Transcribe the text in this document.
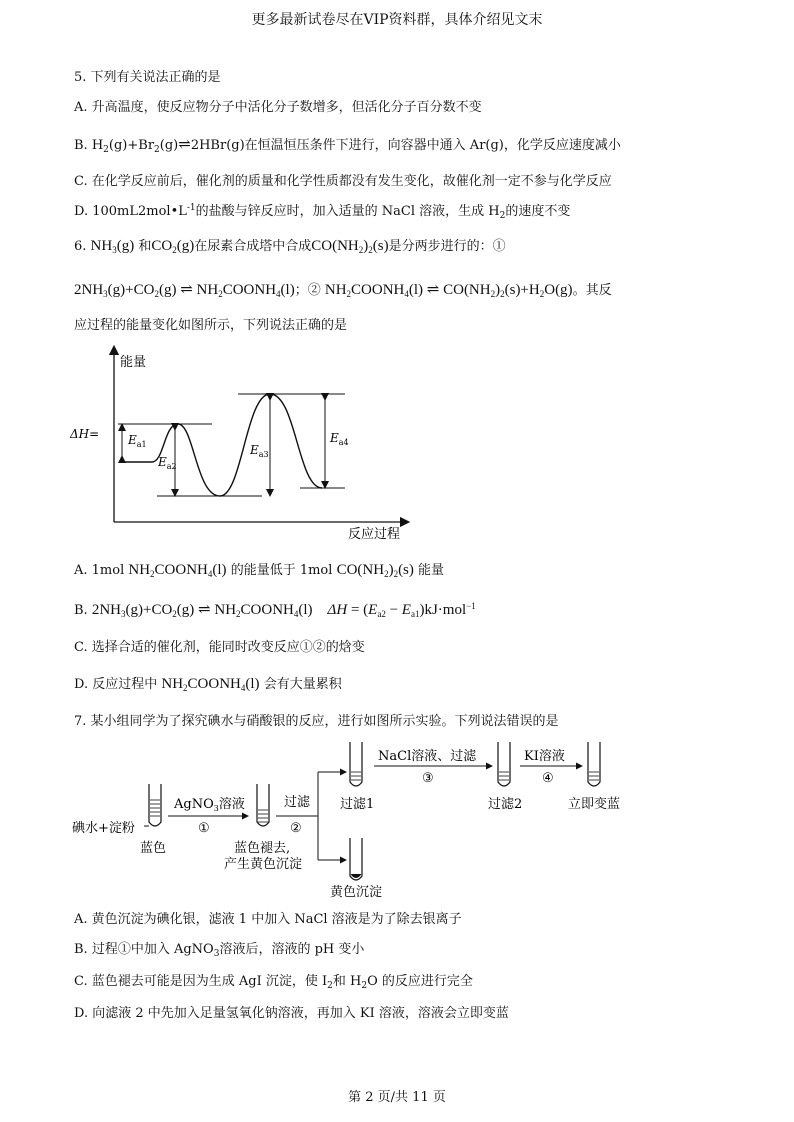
更多最新试卷尽在VIP资料群，具体介绍见文末
5. 下列有关说法正确的是
A. 升高温度，使反应物分子中活化分子数增多，但活化分子百分数不变
B. $H_2(g)+Br_2(g)\rightleftharpoons 2HBr(g)$在恒温恒压条件下进行，向容器中通入 Ar(g)，化学反应速度减小
C. 在化学反应前后，催化剂的质量和化学性质都没有发生变化，故催化剂一定不参与化学反应
D. $100mL2mol•L^{-1}$的盐酸与锌反应时，加入适量的 NaCl 溶液，生成 $H_2$的速度不变
6. $NH_3(g)$ 和$CO_2(g)$在尿素合成塔中合成$CO(NH_2)_2(s)$是分两步进行的：①
$2NH_3(g)+CO_2(g)$ ⇌ $NH_2COONH_4(l)$；② $NH_2COONH_4(l)$ ⇌ $CO(NH_2)_2(s)+H_2O(g)$。其反
应过程的能量变化如图所示，下列说法正确的是
能量
反应过程
$\Delta H= E_{a1}$
$E_{a2}$
$E_{a3}$
$E_{a4}$
A. 1mol $NH_2COONH_4(l)$ 的能量低于 1mol $CO(NH_2)_2(s)$ 能量
B. $2NH_3(g)+CO_2(g)$ ⇌ $NH_2COONH_4(l)$    $\Delta H = (E_{a2} - E_{a1})kJ\cdot mol^{-1}$
C. 选择合适的催化剂，能同时改变反应①②的焓变
D. 反应过程中 $NH_2COONH_4(l)$ 会有大量累积
7. 某小组同学为了探究碘水与硝酸银的反应，进行如图所示实验。下列说法错误的是
碘水+淀粉
蓝色
AgNO$_3$溶液
①
蓝色褪去,
产生黄色沉淀
过滤
②
过滤1
黄色沉淀
NaCl溶液、过滤
③
过滤2
KI溶液
④
立即变蓝
A. 黄色沉淀为碘化银，滤液 1 中加入 NaCl 溶液是为了除去银离子
B. 过程①中加入 AgNO$_3$溶液后，溶液的 pH 变小
C. 蓝色褪去可能是因为生成 AgI 沉淀，使 $I_2$和 $H_2O$ 的反应进行完全
D. 向滤液 2 中先加入足量氢氧化钠溶液，再加入 KI 溶液，溶液会立即变蓝
第 2 页/共 11 页
